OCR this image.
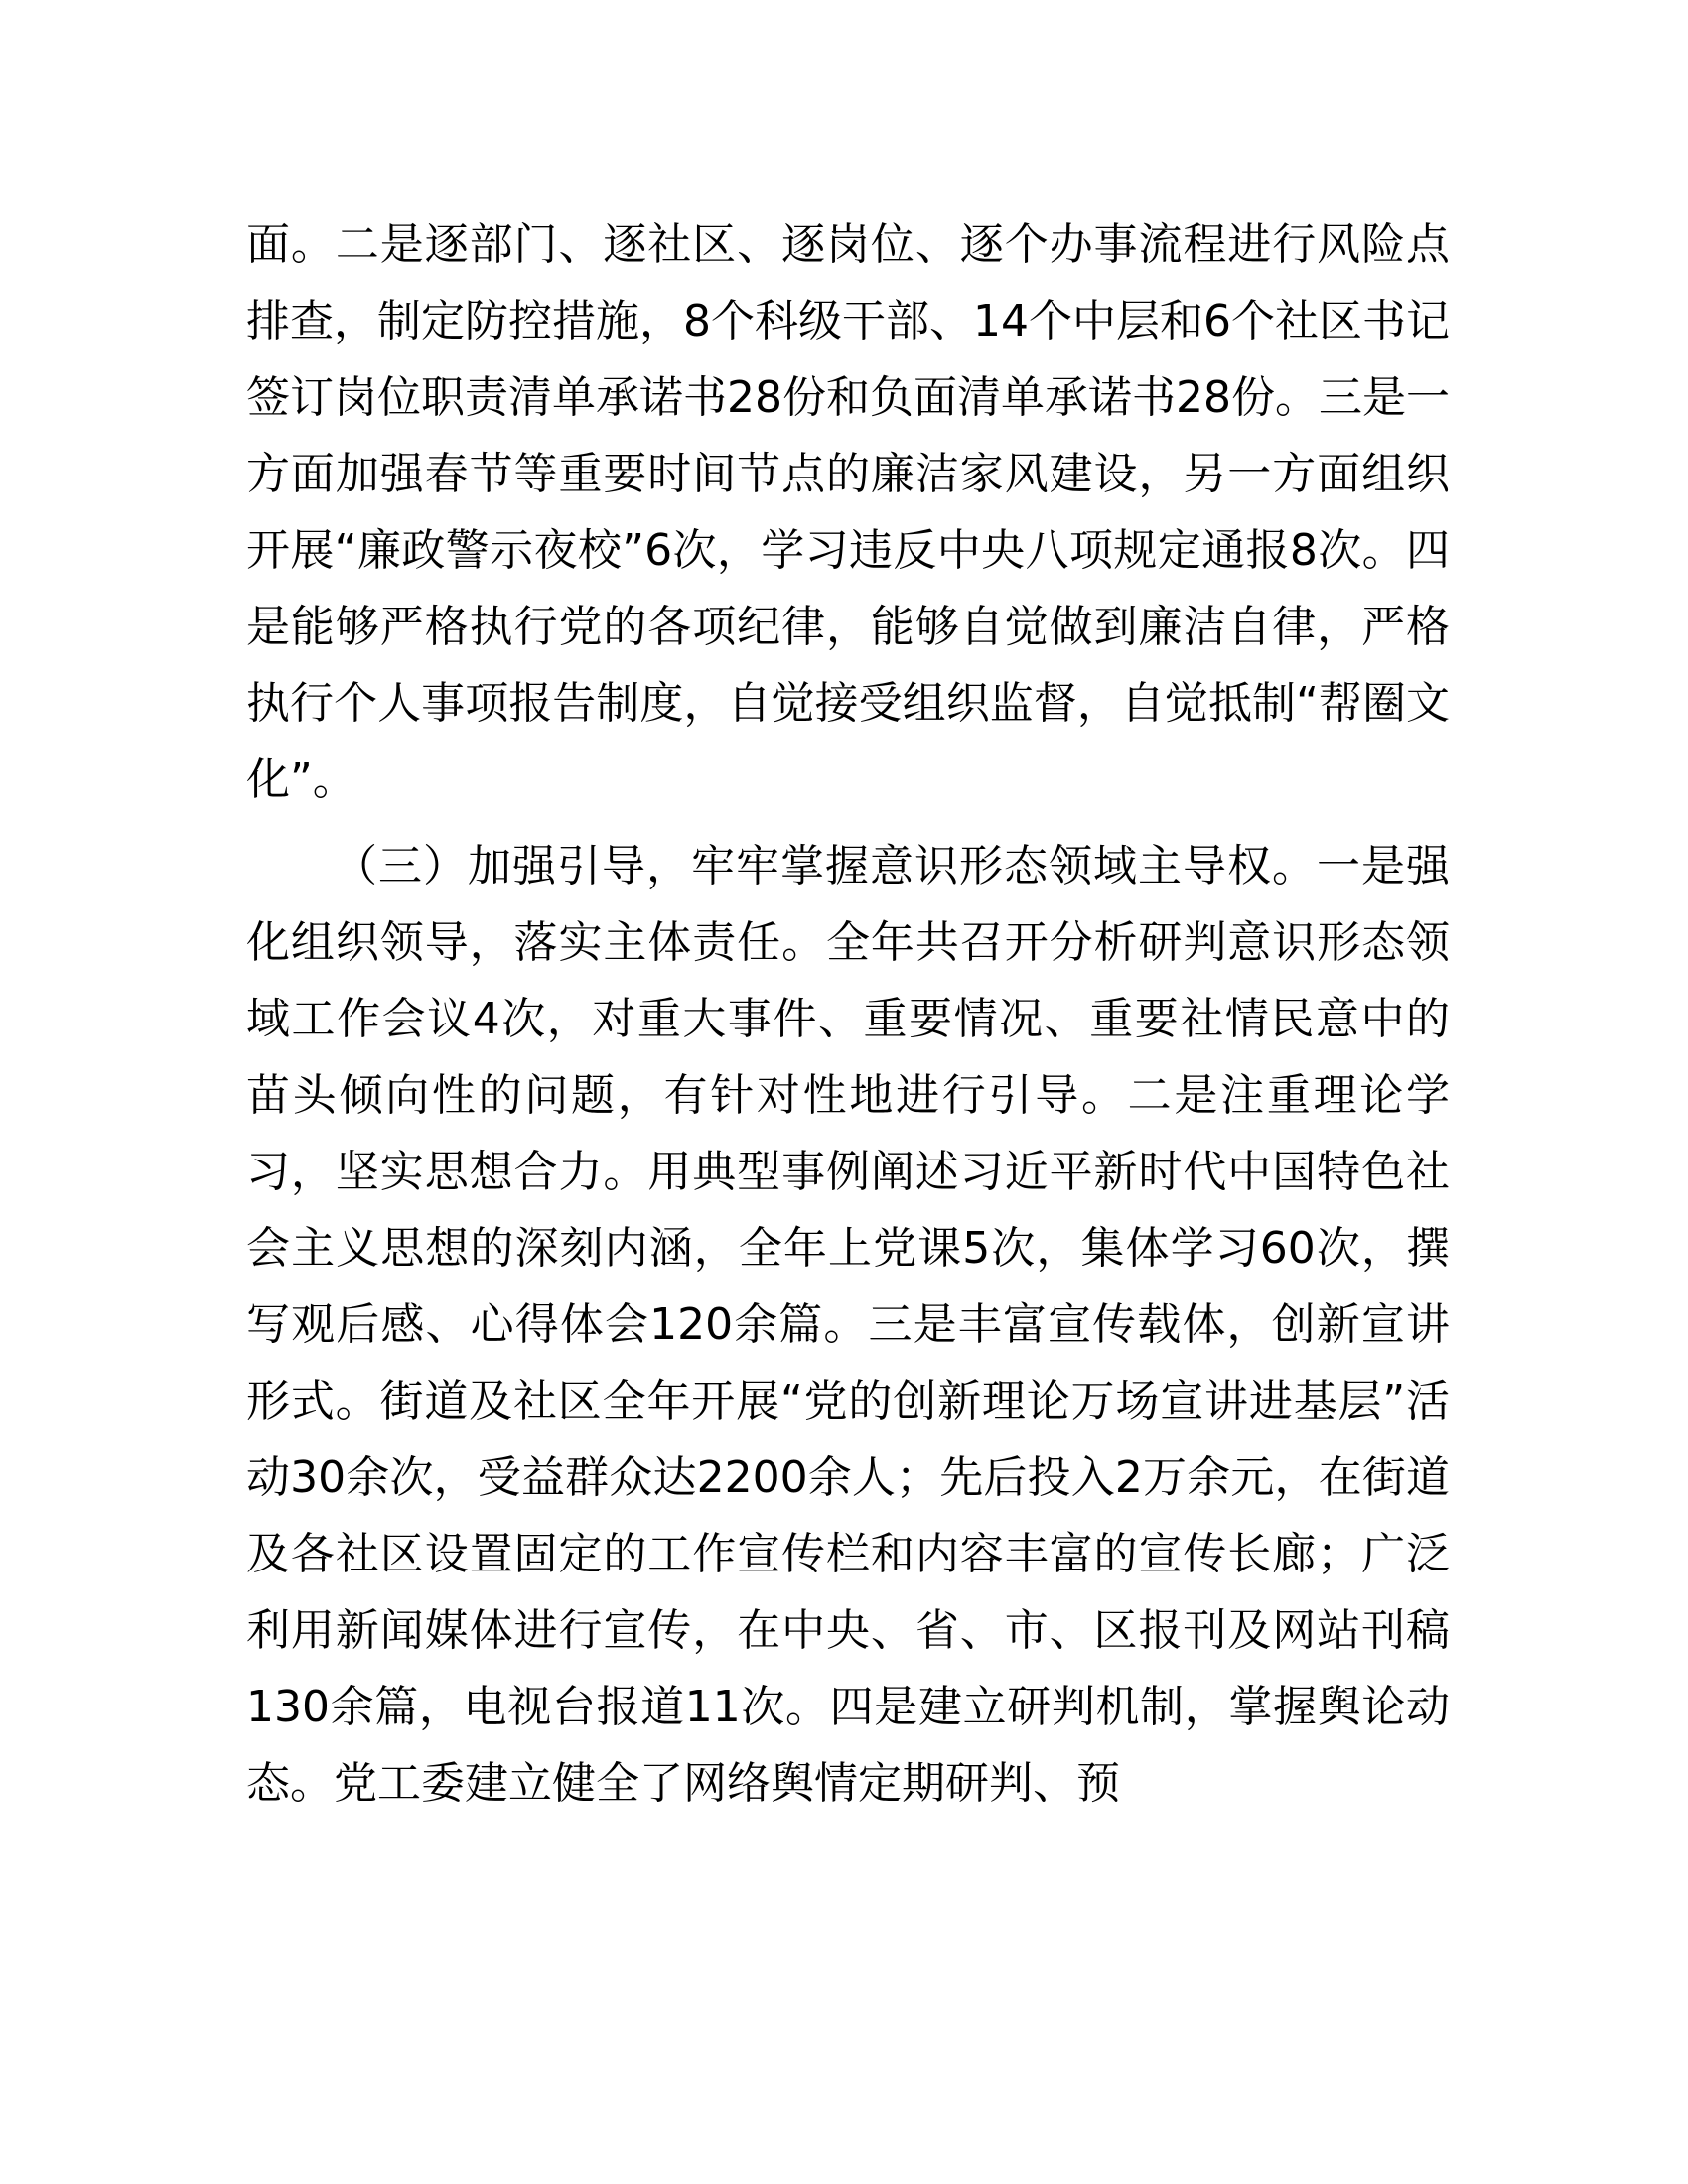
面。二是逐部门、逐社区、逐岗位、逐个办事流程进行风险点排查，制定防控措施，8个科级干部、14个中层和6个社区书记签订岗位职责清单承诺书28份和负面清单承诺书28份。三是一方面加强春节等重要时间节点的廉洁家风建设，另一方面组织开展“廉政警示夜校”6次，学习违反中央八项规定通报8次。四是能够严格执行党的各项纪律，能够自觉做到廉洁自律，严格执行个人事项报告制度，自觉接受组织监督，自觉抵制“帮圈文化”。

（三）加强引导，牢牢掌握意识形态领域主导权。一是强化组织领导，落实主体责任。全年共召开分析研判意识形态领域工作会议4次，对重大事件、重要情况、重要社情民意中的苗头倾向性的问题，有针对性地进行引导。二是注重理论学习，坚实思想合力。用典型事例阐述习近平新时代中国特色社会主义思想的深刻内涵，全年上党课5次，集体学习60次，撰写观后感、心得体会120余篇。三是丰富宣传载体，创新宣讲形式。街道及社区全年开展“党的创新理论万场宣讲进基层”活动30余次，受益群众达2200余人；先后投入2万余元，在街道及各社区设置固定的工作宣传栏和内容丰富的宣传长廊；广泛利用新闻媒体进行宣传，在中央、省、市、区报刊及网站刊稿130余篇，电视台报道11次。四是建立研判机制，掌握舆论动态。党工委建立健全了网络舆情定期研判、预
